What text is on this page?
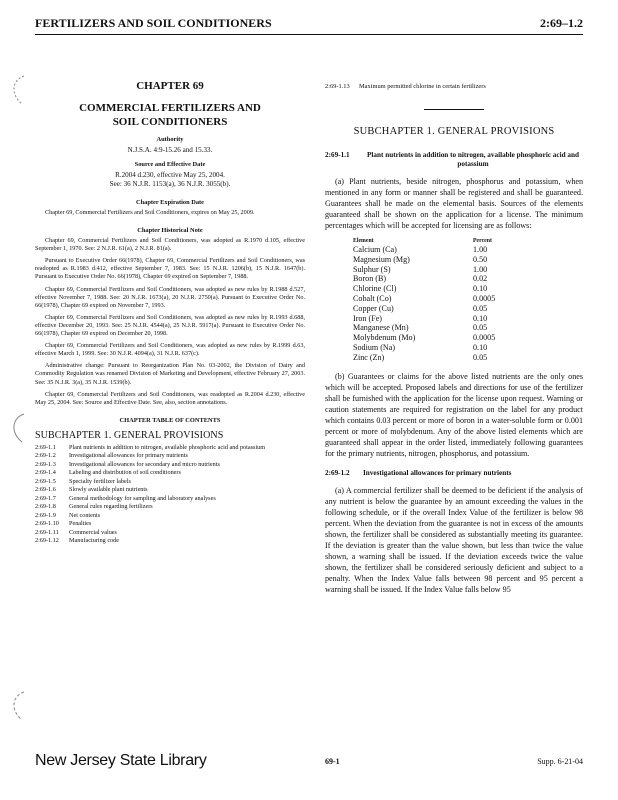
FERTILIZERS AND SOIL CONDITIONERS	2:69–1.2
CHAPTER 69
COMMERCIAL FERTILIZERS AND
SOIL CONDITIONERS
Authority
N.J.S.A. 4:9-15.26 and 15.33.
Source and Effective Date
R.2004 d.230, effective May 25, 2004.
See: 36 N.J.R. 1153(a), 36 N.J.R. 3055(b).
Chapter Expiration Date

Chapter 69, Commercial Fertilizers and Soil Conditioners, expires on May 25, 2009.

Chapter Historical Note

Chapter 69, Commercial Fertilizers and Soil Conditioners, was adopted as R.1970 d.105, effective September 1, 1970. See: 2 N.J.R. 61(a), 2 N.J.R. 81(a).

Pursuant to Executive Order 66(1978), Chapter 69, Commercial Fertilizers and Soil Conditioners, was readopted as R.1983 d.412, effective September 7, 1983. See: 15 N.J.R. 1206(b), 15 N.J.R. 1647(b). Pursuant to Executive Order No. 66(1978), Chapter 69 expired on September 7, 1988.

Chapter 69, Commercial Fertilizers and Soil Conditioners, was adopted as new rules by R.1988 d.527, effective November 7, 1988. See: 20 N.J.R. 1673(a), 20 N.J.R. 2750(a). Pursuant to Executive Order No. 66(1978), Chapter 69 expired on November 7, 1993.

Chapter 69, Commercial Fertilizers and Soil Conditioners, was adopted as new rules by R.1993 d.688, effective December 20, 1993. See: 25 N.J.R. 4544(a), 25 N.J.R. 5917(a). Pursuant to Executive Order No. 66(1978), Chapter 69 expired on December 20, 1998.

Chapter 69, Commercial Fertilizers and Soil Conditioners, was adopted as new rules by R.1999 d.63, effective March 1, 1999. See: 30 N.J.R. 4094(a), 31 N.J.R. 637(c).

Administrative change: Pursuant to Reorganization Plan No. 03-2002, the Division of Dairy and Commodity Regulation was renamed Division of Marketing and Development, effective February 27, 2003. See: 35 N.J.R. 3(a), 35 N.J.R. 1539(b).

Chapter 69, Commercial Fertilizers and Soil Conditioners, was readopted as R.2004 d.230, effective May 25, 2004. See: Source and Effective Date. See, also, section annotations.

CHAPTER TABLE OF CONTENTS
SUBCHAPTER 1. GENERAL PROVISIONS
2:69-1.1	Plant nutrients in addition to nitrogen, available phosphoric acid and potassium
2:69-1.2	Investigational allowances for primary nutrients
2:69-1.3	Investigational allowances for secondary and micro nutrients
2:69-1.4	Labeling and distribution of soil conditioners
2:69-1.5	Specialty fertilizer labels
2:69-1.6	Slowly available plant nutrients
2:69-1.7	General methodology for sampling and laboratory analyses
2:69-1.8	General rules regarding fertilizers
2:69-1.9	Net contents
2:69-1.10	Penalties
2:69-1.11	Commercial values
2:69-1.12	Manufacturing code
2:69-1.13	Maximum permitted chlorine in certain fertilizers
SUBCHAPTER 1. GENERAL PROVISIONS
2:69-1.1	Plant nutrients in addition to nitrogen, available phosphoric acid and potassium

(a) Plant nutrients, beside nitrogen, phosphorus and potassium, when mentioned in any form or manner shall be registered and shall be guaranteed. Guarantees shall be made on the elemental basis. Sources of the elements guaranteed shall be shown on the application for a license. The minimum percentages which will be accepted for licensing are as follows:

Element	Percent
Calcium (Ca)	1.00
Magnesium (Mg)	0.50
Sulphur (S)	1.00
Boron (B)	0.02
Chlorine (Cl)	0.10
Cobalt (Co)	0.0005
Copper (Cu)	0.05
Iron (Fe)	0.10
Manganese (Mn)	0.05
Molybdenum (Mo)	0.0005
Sodium (Na)	0.10
Zinc (Zn)	0.05

(b) Guarantees or claims for the above listed nutrients are the only ones which will be accepted. Proposed labels and directions for use of the fertilizer shall be furnished with the application for the license upon request. Warning or caution statements are required for registration on the label for any product which contains 0.03 percent or more of boron in a water-soluble form or 0.001 percent or more of molybdenum. Any of the above listed elements which are guaranteed shall appear in the order listed, immediately following guarantees for the primary nutrients, nitrogen, phosphorus, and potassium.

2:69-1.2	Investigational allowances for primary nutrients

(a) A commercial fertilizer shall be deemed to be deficient if the analysis of any nutrient is below the guarantee by an amount exceeding the values in the following schedule, or if the overall Index Value of the fertilizer is below 98 percent. When the deviation from the guarantee is not in excess of the amounts shown, the fertilizer shall be considered as substantially meeting its guarantee. If the deviation is greater than the value shown, but less than twice the value shown, a warning shall be issued. If the deviation exceeds twice the value shown, the fertilizer shall be considered seriously deficient and subject to a penalty. When the Index Value falls between 98 percent and 95 percent a warning shall be issued. If the Index Value falls below 95

New Jersey State Library	69-1	Supp. 6-21-04
